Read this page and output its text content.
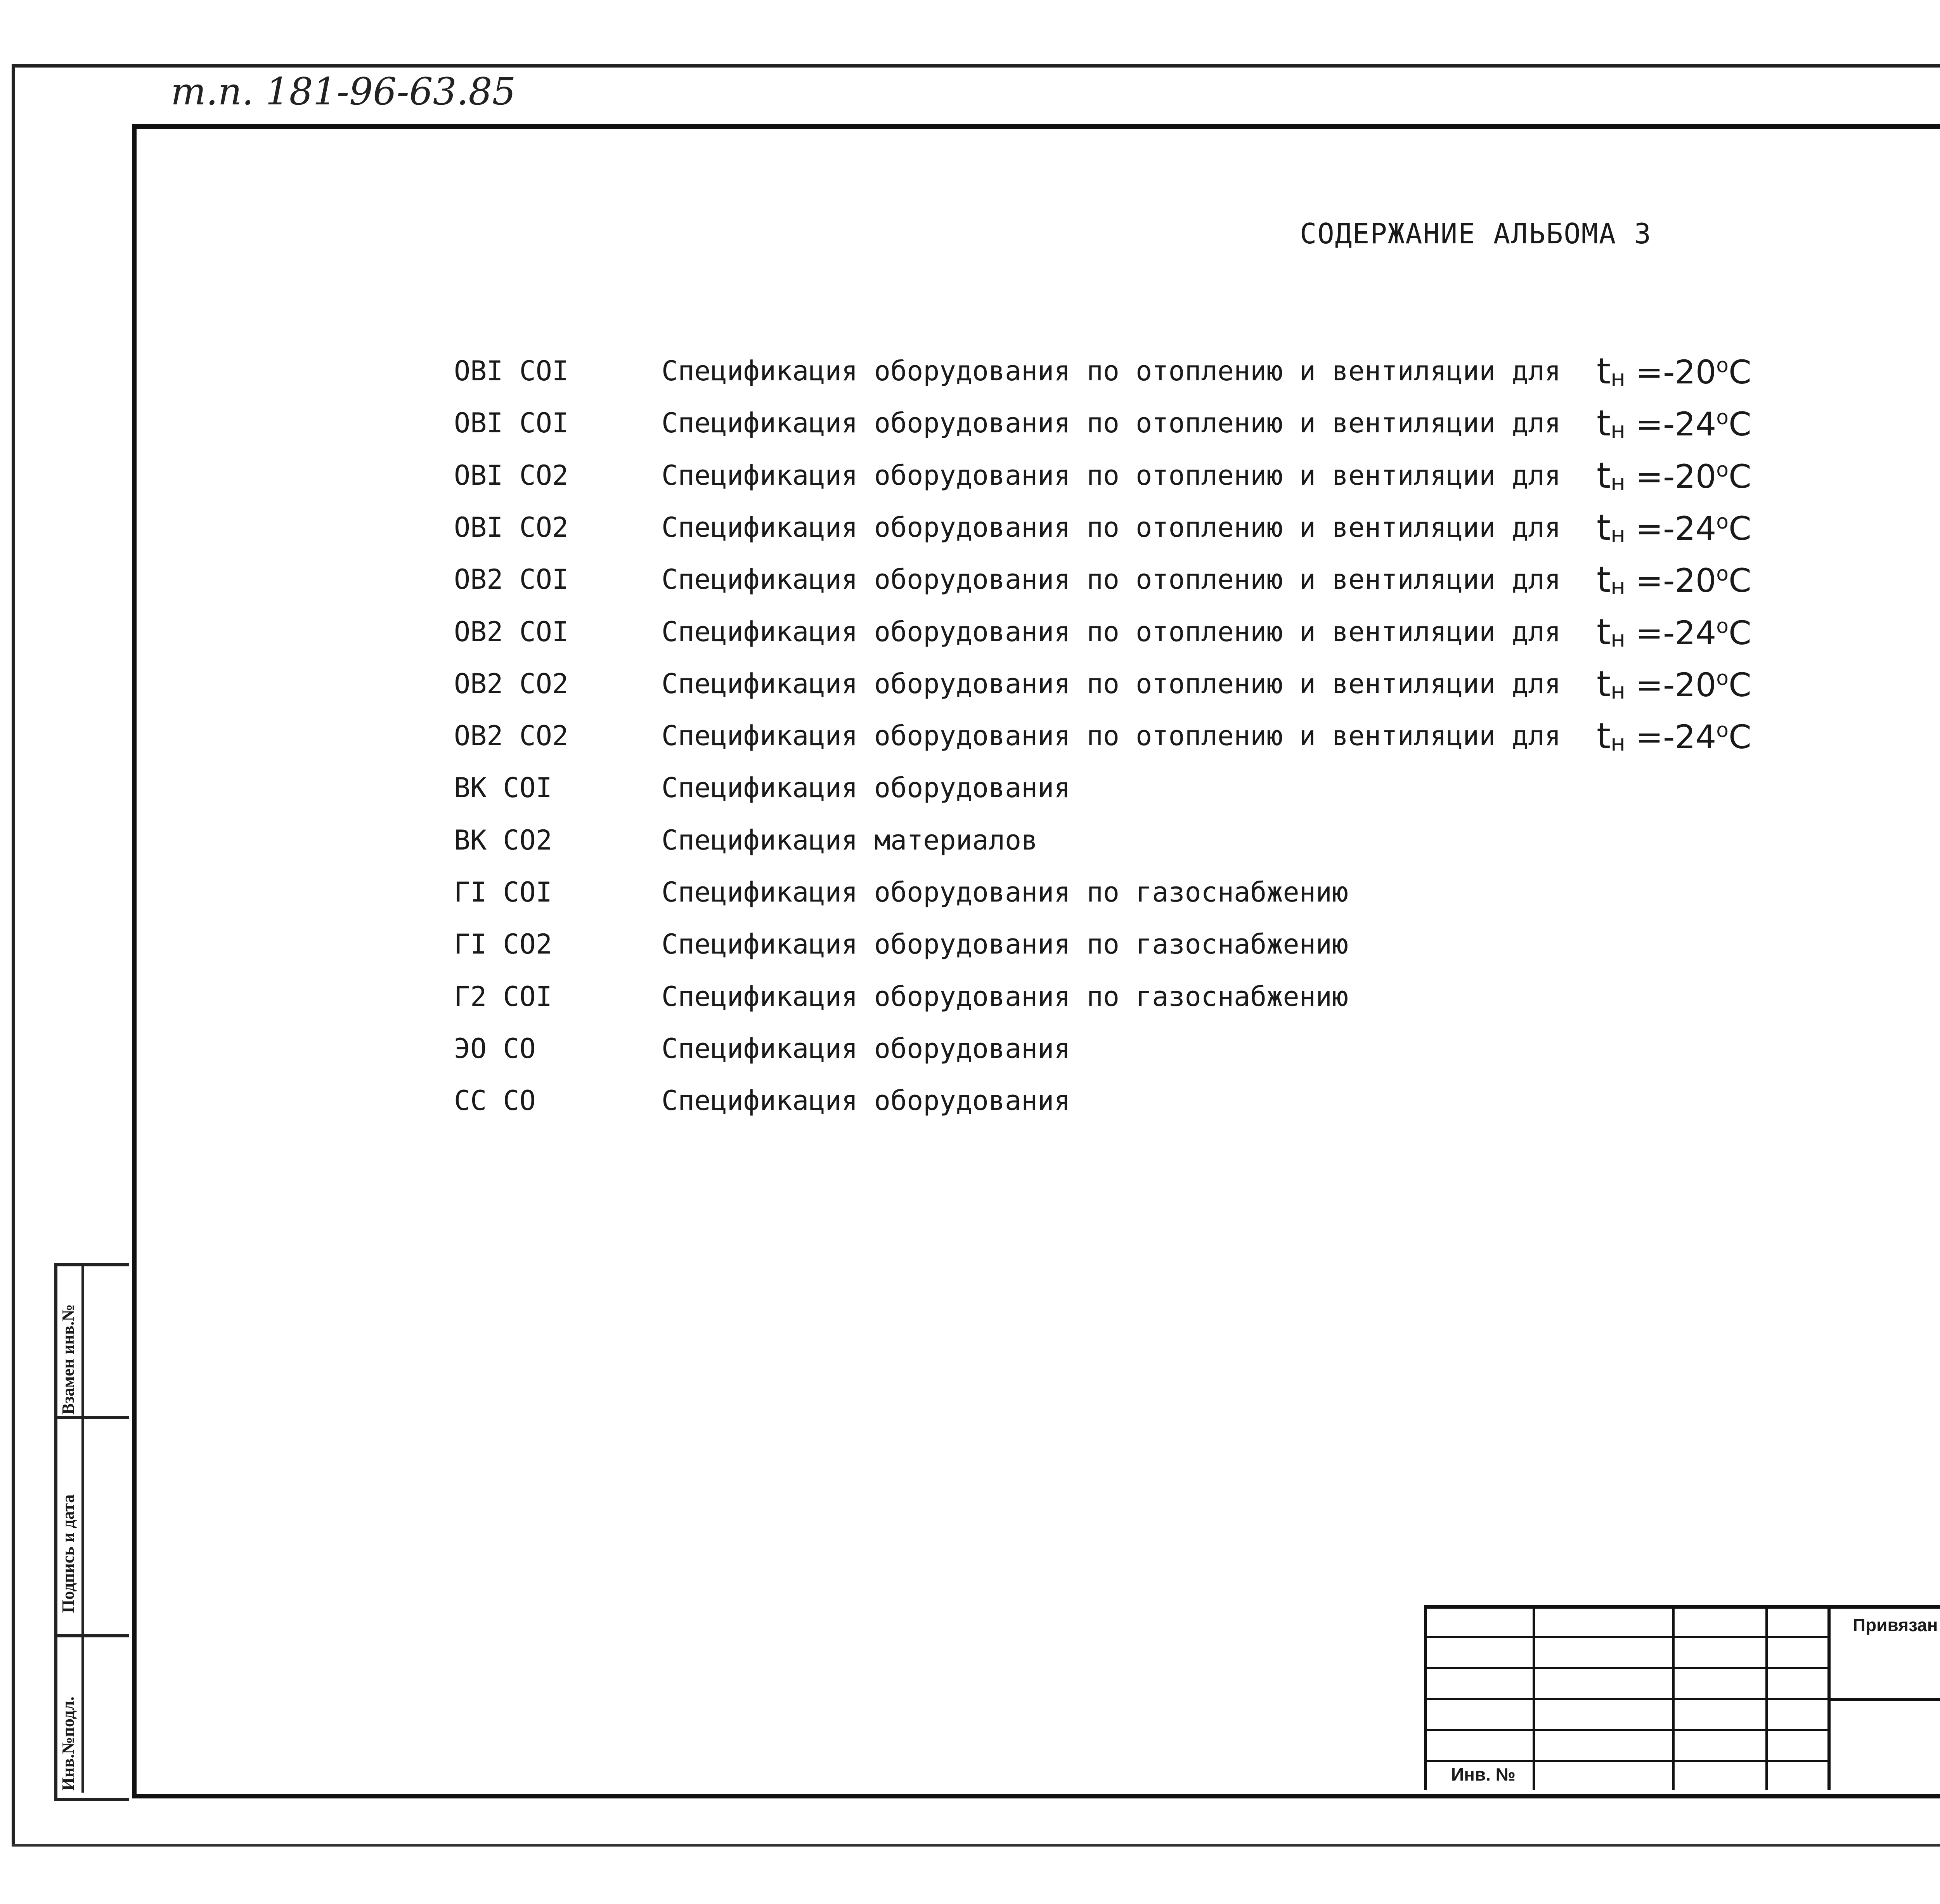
т.п. 181-96-63.85
СОДЕРЖАНИЕ АЛЬБОМА 3
ОВI СОI	Спецификация оборудования по отоплению и вентиляции для tн $=-20^oС$
ОВI СОI	Спецификация оборудования по отоплению и вентиляции для tн $=-24^oС$
ОВI СО2	Спецификация оборудования по отоплению и вентиляции для tн $=-20^oС$
ОВI СО2	Спецификация оборудования по отоплению и вентиляции для tн $=-24^oС$
ОВ2 СОI	Спецификация оборудования по отоплению и вентиляции для tн $=-20^oС$
ОВ2 СОI	Спецификация оборудования по отоплению и вентиляции для tн $=-24^oС$
ОВ2 СО2	Спецификация оборудования по отоплению и вентиляции для tн $=-20^oС$
ОВ2 СО2	Спецификация оборудования по отоплению и вентиляции для tн $=-24^oС$
ВК СОI	Спецификация оборудования
ВК СО2	Спецификация материалов
ГI СОI	Спецификация оборудования по газоснабжению
ГI СО2	Спецификация оборудования по газоснабжению
Г2 СОI	Спецификация оборудования по газоснабжению
ЭО СО	Спецификация оборудования
СС СО	Спецификация оборудования
Взамен инв.№
Подпись и дата
Инв.№подл.
Привязан
Инв. №
